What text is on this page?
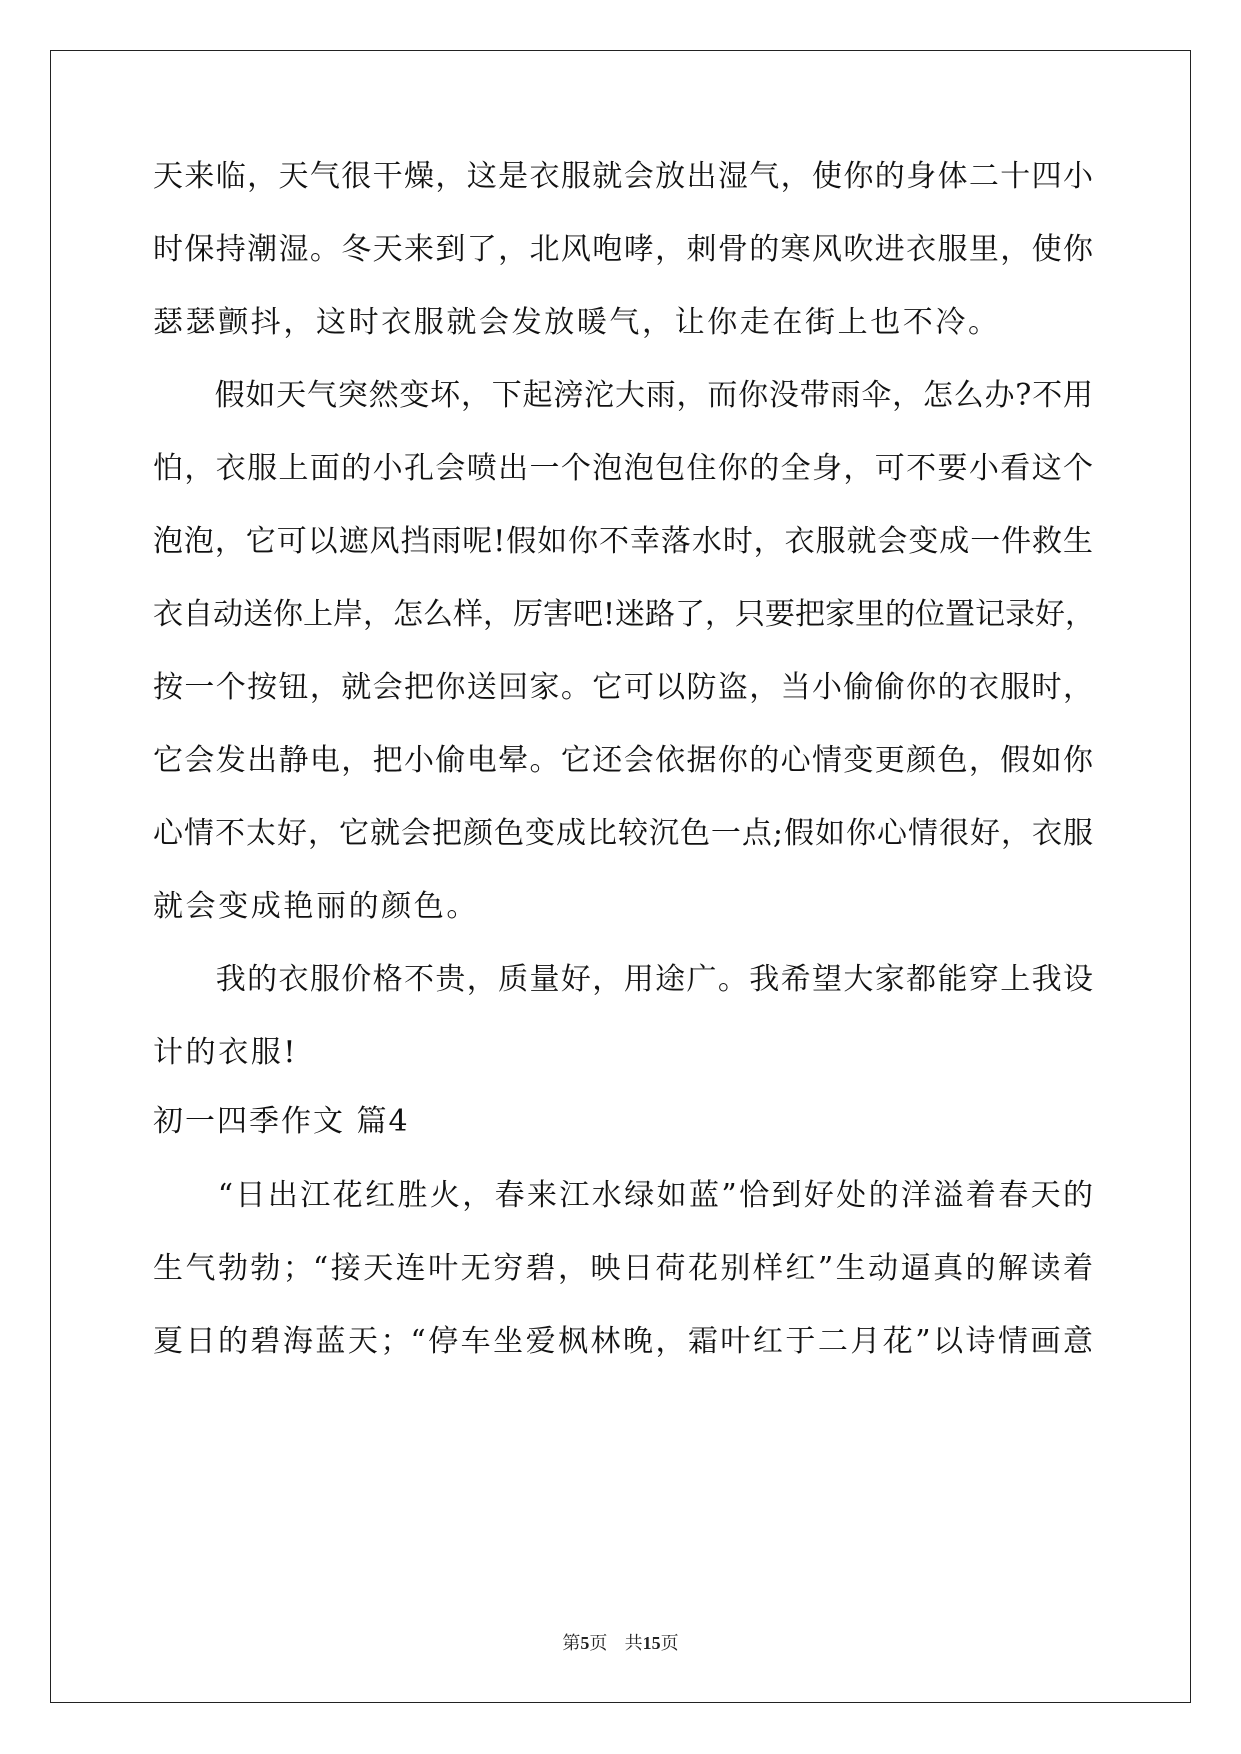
天来临，天气很干燥，这是衣服就会放出湿气，使你的身体二十四小
时保持潮湿。冬天来到了，北风咆哮，刺骨的寒风吹进衣服里，使你
瑟瑟颤抖，这时衣服就会发放暖气，让你走在街上也不冷。
　　假如天气突然变坏，下起滂沱大雨，而你没带雨伞，怎么办?不用
怕，衣服上面的小孔会喷出一个泡泡包住你的全身，可不要小看这个
泡泡，它可以遮风挡雨呢!假如你不幸落水时，衣服就会变成一件救生
衣自动送你上岸，怎么样，厉害吧!迷路了，只要把家里的位置记录好，
按一个按钮，就会把你送回家。它可以防盗，当小偷偷你的衣服时，
它会发出静电，把小偷电晕。它还会依据你的心情变更颜色，假如你
心情不太好，它就会把颜色变成比较沉色一点;假如你心情很好，衣服
就会变成艳丽的颜色。
　　我的衣服价格不贵，质量好，用途广。我希望大家都能穿上我设
计的衣服!
初一四季作文 篇4
　　“日出江花红胜火，春来江水绿如蓝”恰到好处的洋溢着春天的
生气勃勃；“接天连叶无穷碧，映日荷花别样红”生动逼真的解读着
夏日的碧海蓝天；“停车坐爱枫林晚，霜叶红于二月花”以诗情画意
第5页 共15页
